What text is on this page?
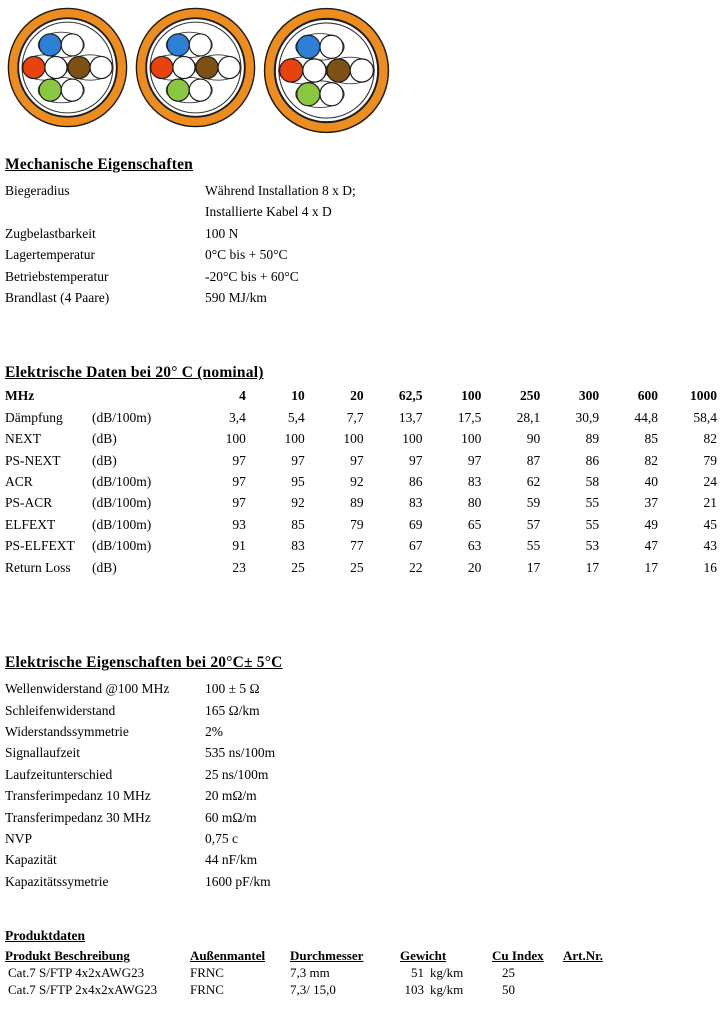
Mechanische Eigenschaften
Biegeradius	Während Installation 8 x D;
Installierte Kabel 4 x D
Zugbelastbarkeit	100 N
Lagertemperatur	0°C bis + 50°C
Betriebstemperatur	-20°C bis + 60°C
Brandlast (4 Paare)	590 MJ/km
Elektrische Daten bei 20° C (nominal)
MHz		4	10	20	62,5	100	250	300	600	1000
Dämpfung	(dB/100m)	3,4	5,4	7,7	13,7	17,5	28,1	30,9	44,8	58,4
NEXT	(dB)	100	100	100	100	100	90	89	85	82
PS-NEXT	(dB)	97	97	97	97	97	87	86	82	79
ACR	(dB/100m)	97	95	92	86	83	62	58	40	24
PS-ACR	(dB/100m)	97	92	89	83	80	59	55	37	21
ELFEXT	(dB/100m)	93	85	79	69	65	57	55	49	45
PS-ELFEXT	(dB/100m)	91	83	77	67	63	55	53	47	43
Return Loss	(dB)	23	25	25	22	20	17	17	17	16
Elektrische Eigenschaften bei 20°C± 5°C
Wellenwiderstand @100 MHz	100 ± 5 Ω
Schleifenwiderstand	165 Ω/km
Widerstandssymmetrie	2%
Signallaufzeit	535 ns/100m
Laufzeitunterschied	25 ns/100m
Transferimpedanz 10 MHz	20 mΩ/m
Transferimpedanz 30 MHz	60 mΩ/m
NVP	0,75 c
Kapazität	44 nF/km
Kapazitätssymetrie	1600 pF/km
Produktdaten
Produkt Beschreibung	Außenmantel	Durchmesser	Gewicht	Cu Index	Art.Nr.
Cat.7 S/FTP 4x2xAWG23	FRNC	7,3 mm	51 kg/km	25
Cat.7 S/FTP 2x4x2xAWG23	FRNC	7,3/ 15,0	103 kg/km	50
